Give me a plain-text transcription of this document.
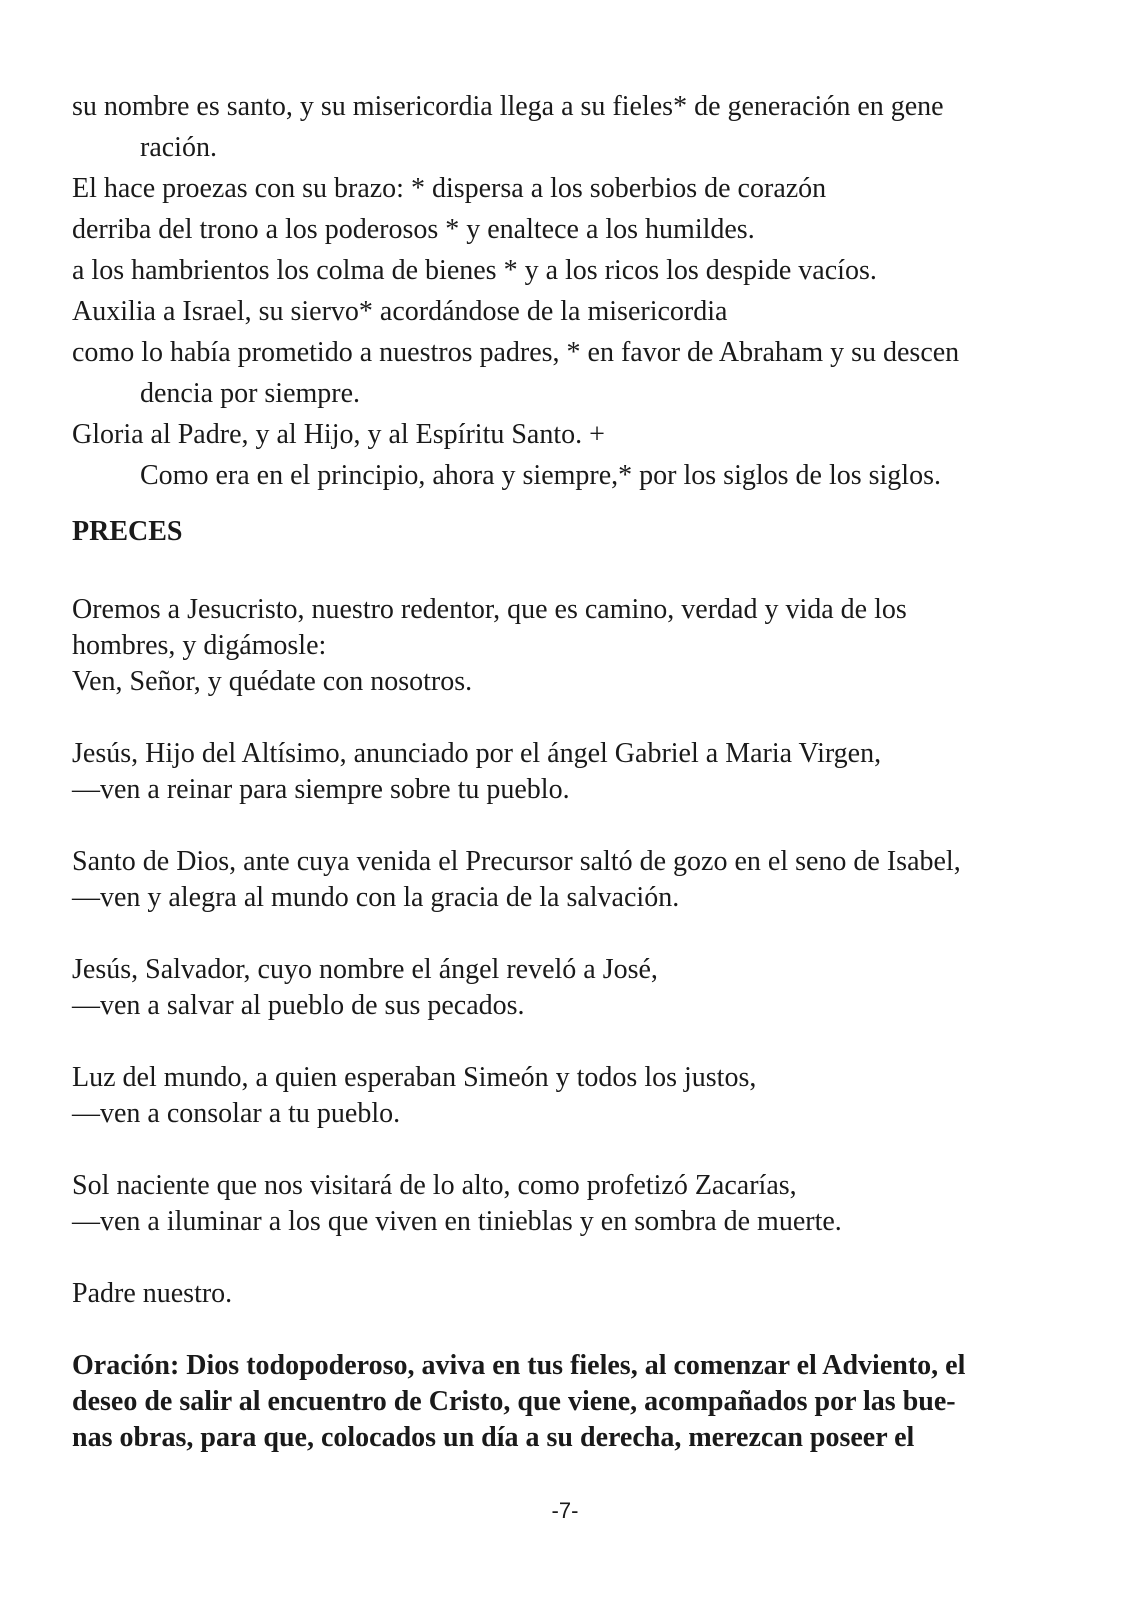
su nombre es santo, y su misericordia llega a su fieles* de generación en gene

ración.

El hace proezas con su brazo: * dispersa a los soberbios de corazón

derriba del trono a los poderosos * y enaltece a los humildes.

a los hambrientos los colma de bienes * y a los ricos los despide vacíos.

Auxilia a Israel, su siervo* acordándose de la misericordia

como lo había prometido a nuestros padres, * en favor de Abraham y su descen

dencia por siempre.

Gloria al Padre, y al Hijo, y al Espíritu Santo. +

Como era en el principio, ahora y siempre,* por los siglos de los siglos.

PRECES
Oremos a Jesucristo, nuestro redentor, que es camino, verdad y vida de los
hombres, y digámosle:
Ven, Señor, y quédate con nosotros.
Jesús, Hijo del Altísimo, anunciado por el ángel Gabriel a Maria Virgen,
—ven a reinar para siempre sobre tu pueblo.
Santo de Dios, ante cuya venida el Precursor saltó de gozo en el seno de Isabel,
—ven y alegra al mundo con la gracia de la salvación.
Jesús, Salvador, cuyo nombre el ángel reveló a José,
—ven a salvar al pueblo de sus pecados.
Luz del mundo, a quien esperaban Simeón y todos los justos,
—ven a consolar a tu pueblo.
Sol naciente que nos visitará de lo alto, como profetizó Zacarías,
—ven a iluminar a los que viven en tinieblas y en sombra de muerte.
Padre nuestro.
Oración: Dios todopoderoso, aviva en tus fieles, al comenzar el Adviento, el
deseo de salir al encuentro de Cristo, que viene, acompañados por las bue-
nas obras, para que, colocados un día a su derecha, merezcan poseer el
-7-
